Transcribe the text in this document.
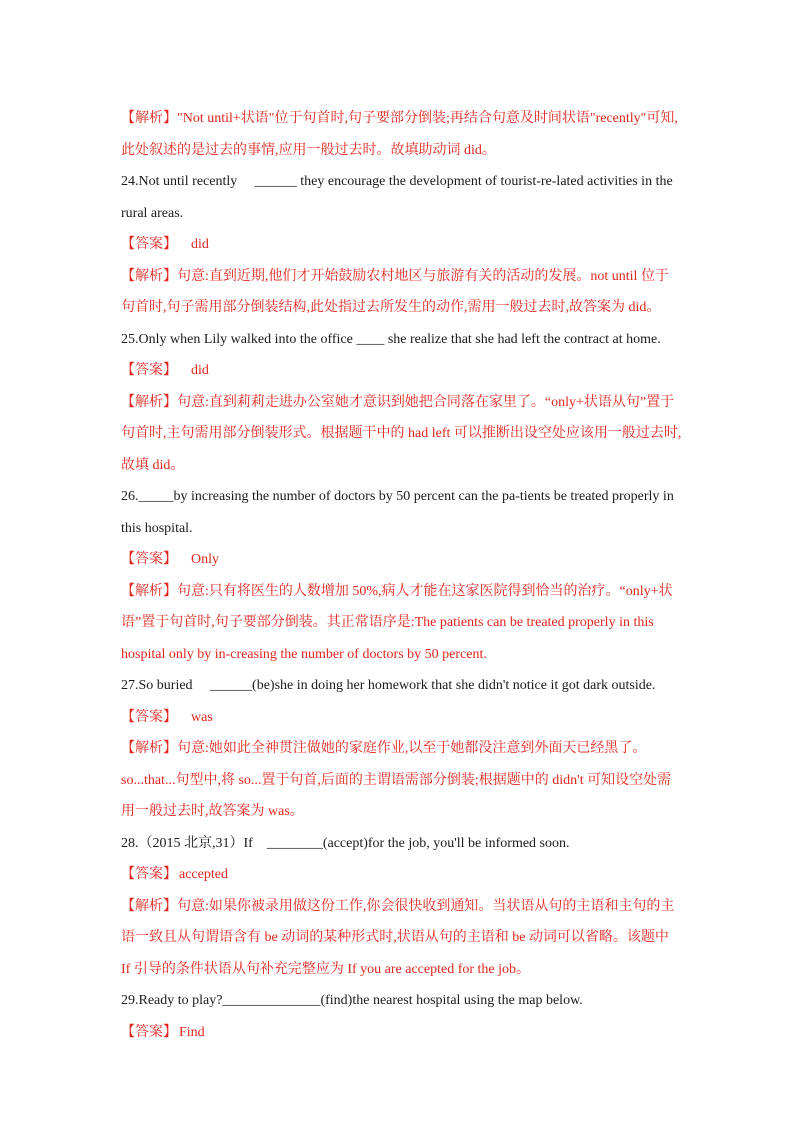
【解析】"Not until+状语"位于句首时,句子要部分倒装;再结合句意及时间状语"recently"可知,
此处叙述的是过去的事情,应用一般过去时。故填助动词 did。
24.Not until recently　 ______ they encourage the development of tourist-re-lated activities in the
rural areas.
【答案】 did
【解析】句意:直到近期,他们才开始鼓励农村地区与旅游有关的活动的发展。not until 位于
句首时,句子需用部分倒装结构,此处指过去所发生的动作,需用一般过去时,故答案为 did。
25.Only when Lily walked into the office ____ she realize that she had left the contract at home.
【答案】 did
【解析】句意:直到莉莉走进办公室她才意识到她把合同落在家里了。“only+状语从句”置于
句首时,主句需用部分倒装形式。根据题干中的 had left 可以推断出设空处应该用一般过去时,
故填 did。
26._____by increasing the number of doctors by 50 percent can the pa-tients be treated properly in
this hospital.
【答案】 Only
【解析】句意:只有将医生的人数增加 50%,病人才能在这家医院得到恰当的治疗。“only+状
语”置于句首时,句子要部分倒装。其正常语序是:The patients can be treated properly in this
hospital only by in-creasing the number of doctors by 50 percent.
27.So buried　 ______(be)she in doing her homework that she didn't notice it got dark outside.
【答案】 was
【解析】句意:她如此全神贯注做她的家庭作业,以至于她都没注意到外面天已经黑了。
so...that...句型中,将 so...置于句首,后面的主谓语需部分倒装;根据题中的 didn't 可知设空处需
用一般过去时,故答案为 was。
28.（2015 北京,31）If　________(accept)for the job, you'll be informed soon.
【答案】 accepted
【解析】句意:如果你被录用做这份工作,你会很快收到通知。当状语从句的主语和主句的主
语一致且从句谓语含有 be 动词的某种形式时,状语从句的主语和 be 动词可以省略。该题中
If 引导的条件状语从句补充完整应为 If you are accepted for the job。
29.Ready to play?______________(find)the nearest hospital using the map below.
【答案】 Find
